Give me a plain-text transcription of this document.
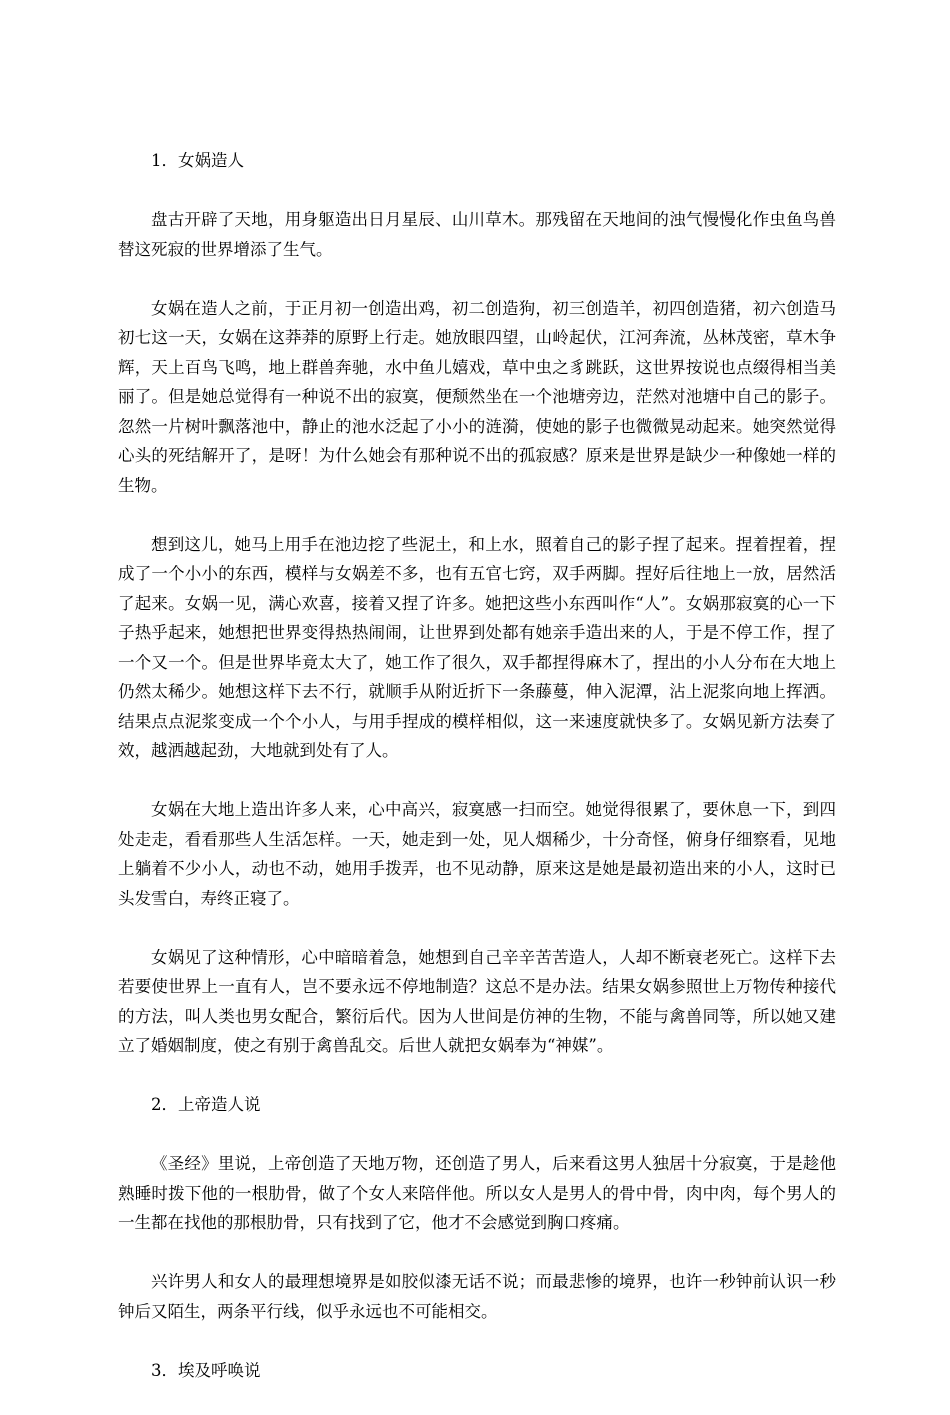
1．女娲造人

盘古开辟了天地，用身躯造出日月星辰、山川草木。那残留在天地间的浊气慢慢化作虫鱼鸟兽替这死寂的世界增添了生气。

女娲在造人之前，于正月初一创造出鸡，初二创造狗，初三创造羊，初四创造猪，初六创造马初七这一天，女娲在这莽莽的原野上行走。她放眼四望，山岭起伏，江河奔流，丛林茂密，草木争辉，天上百鸟飞鸣，地上群兽奔驰，水中鱼儿嬉戏，草中虫之豸跳跃，这世界按说也点缀得相当美丽了。但是她总觉得有一种说不出的寂寞，便颓然坐在一个池塘旁边，茫然对池塘中自己的影子。忽然一片树叶飘落池中，静止的池水泛起了小小的涟漪，使她的影子也微微晃动起来。她突然觉得心头的死结解开了，是呀！为什么她会有那种说不出的孤寂感？原来是世界是缺少一种像她一样的生物。

想到这儿，她马上用手在池边挖了些泥土，和上水，照着自己的影子捏了起来。捏着捏着，捏成了一个小小的东西，模样与女娲差不多，也有五官七窍，双手两脚。捏好后往地上一放，居然活了起来。女娲一见，满心欢喜，接着又捏了许多。她把这些小东西叫作“人”。女娲那寂寞的心一下子热乎起来，她想把世界变得热热闹闹，让世界到处都有她亲手造出来的人，于是不停工作，捏了一个又一个。但是世界毕竟太大了，她工作了很久，双手都捏得麻木了，捏出的小人分布在大地上仍然太稀少。她想这样下去不行，就顺手从附近折下一条藤蔓，伸入泥潭，沾上泥浆向地上挥洒。结果点点泥浆变成一个个小人，与用手捏成的模样相似，这一来速度就快多了。女娲见新方法奏了效，越洒越起劲，大地就到处有了人。

女娲在大地上造出许多人来，心中高兴，寂寞感一扫而空。她觉得很累了，要休息一下，到四处走走，看看那些人生活怎样。一天，她走到一处，见人烟稀少，十分奇怪，俯身仔细察看，见地上躺着不少小人，动也不动，她用手拨弄，也不见动静，原来这是她是最初造出来的小人，这时已头发雪白，寿终正寝了。

女娲见了这种情形，心中暗暗着急，她想到自己辛辛苦苦造人，人却不断衰老死亡。这样下去若要使世界上一直有人，岂不要永远不停地制造？这总不是办法。结果女娲参照世上万物传种接代的方法，叫人类也男女配合，繁衍后代。因为人世间是仿神的生物，不能与禽兽同等，所以她又建立了婚姻制度，使之有别于禽兽乱交。后世人就把女娲奉为“神媒”。

2．上帝造人说

《圣经》里说，上帝创造了天地万物，还创造了男人，后来看这男人独居十分寂寞，于是趁他熟睡时拨下他的一根肋骨，做了个女人来陪伴他。所以女人是男人的骨中骨，肉中肉，每个男人的一生都在找他的那根肋骨，只有找到了它，他才不会感觉到胸口疼痛。

兴许男人和女人的最理想境界是如胶似漆无话不说；而最悲惨的境界，也许一秒钟前认识一秒钟后又陌生，两条平行线，似乎永远也不可能相交。

3．埃及呼唤说
